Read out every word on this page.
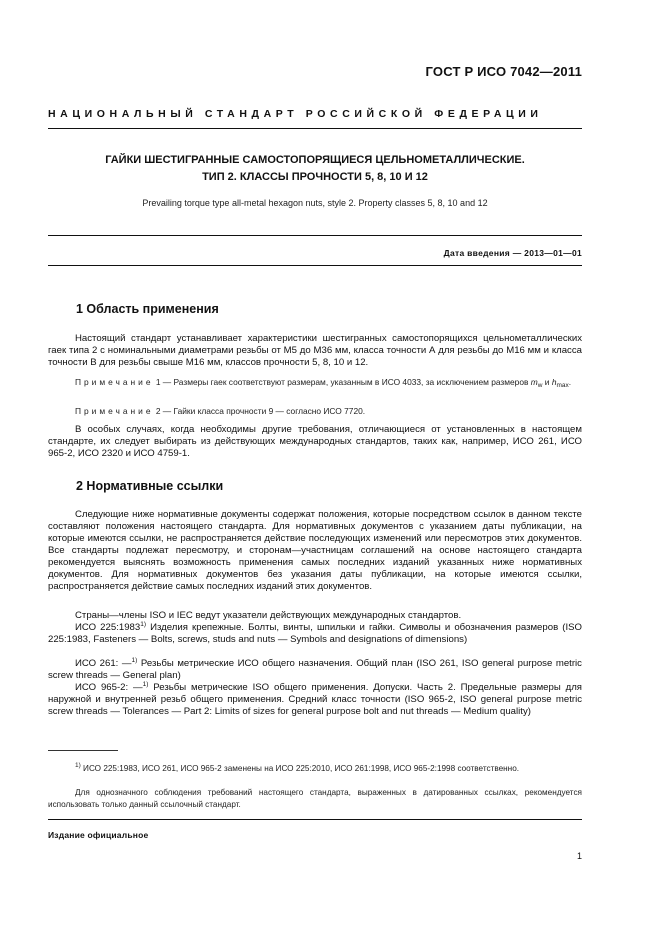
ГОСТ Р ИСО 7042—2011
НАЦИОНАЛЬНЫЙ СТАНДАРТ РОССИЙСКОЙ ФЕДЕРАЦИИ
ГАЙКИ ШЕСТИГРАННЫЕ САМОСТОПОРЯЩИЕСЯ ЦЕЛЬНОМЕТАЛЛИЧЕСКИЕ.
ТИП 2. КЛАССЫ ПРОЧНОСТИ 5, 8, 10 И 12
Prevailing torque type all-metal hexagon nuts, style 2. Property classes 5, 8, 10 and 12
Дата введения — 2013—01—01
1 Область применения

Настоящий стандарт устанавливает характеристики шестигранных самостопорящихся цельнометаллических гаек типа 2 с номинальными диаметрами резьбы от М5 до М36 мм, класса точности А для резьбы до М16 мм и класса точности В для резьбы свыше М16 мм, классов прочности 5, 8, 10 и 12.

Примечание 1 — Размеры гаек соответствуют размерам, указанным в ИСО 4033, за исключением размеров $m_w$ и $h_{max}$.

Примечание 2 — Гайки класса прочности 9 — согласно ИСО 7720.

В особых случаях, когда необходимы другие требования, отличающиеся от установленных в настоящем стандарте, их следует выбирать из действующих международных стандартов, таких как, например, ИСО 261, ИСО 965-2, ИСО 2320 и ИСО 4759-1.

2 Нормативные ссылки

Следующие ниже нормативные документы содержат положения, которые посредством ссылок в данном тексте составляют положения настоящего стандарта. Для нормативных документов с указанием даты публикации, на которые имеются ссылки, не распространяется действие последующих изменений или пересмотров этих документов. Все стандарты подлежат пересмотру, и сторонам—участницам соглашений на основе настоящего стандарта рекомендуется выяснять возможность применения самых последних изданий указанных ниже нормативных документов. Для нормативных документов без указания даты публикации, на которые имеются ссылки, распространяется действие самых последних изданий этих документов.

Страны—члены ISO и IEC ведут указатели действующих международных стандартов.

ИСО 225:1983$^{1)}$ Изделия крепежные. Болты, винты, шпильки и гайки. Символы и обозначения размеров (ISO 225:1983, Fasteners — Bolts, screws, studs and nuts — Symbols and designations of dimensions)

ИСО 261: —$^{1)}$ Резьбы метрические ИСО общего назначения. Общий план (ISO 261, ISO general purpose metric screw threads — General plan)

ИСО 965-2: —$^{1)}$ Резьбы метрические ISO общего применения. Допуски. Часть 2. Предельные размеры для наружной и внутренней резьб общего применения. Средний класс точности (ISO 965-2, ISO general purpose metric screw threads — Tolerances — Part 2: Limits of sizes for general purpose bolt and nut threads — Medium quality)

$^{1)}$ ИСО 225:1983, ИСО 261, ИСО 965-2 заменены на ИСО 225:2010, ИСО 261:1998, ИСО 965-2:1998 соответственно.

Для однозначного соблюдения требований настоящего стандарта, выраженных в датированных ссылках, рекомендуется использовать только данный ссылочный стандарт.

Издание официальное
1
